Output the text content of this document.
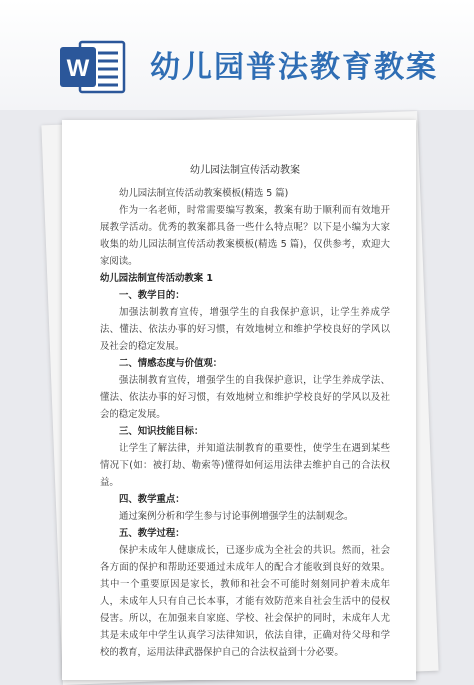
W 幼儿园普法教育教案

幼儿园法制宣传活动教案

幼儿园法制宣传活动教案模板(精选 5 篇)

作为一名老师，时常需要编写教案，教案有助于顺利而有效地开展教学活动。优秀的教案都具备一些什么特点呢？以下是小编为大家收集的幼儿园法制宣传活动教案模板(精选 5 篇)，仅供参考，欢迎大家阅读。

幼儿园法制宣传活动教案 1

一、教学目的：

加强法制教育宣传，增强学生的自我保护意识，让学生养成学法、懂法、依法办事的好习惯，有效地树立和维护学校良好的学风以及社会的稳定发展。

二、情感态度与价值观：

强法制教育宣传，增强学生的自我保护意识，让学生养成学法、懂法、依法办事的好习惯，有效地树立和维护学校良好的学风以及社会的稳定发展。

三、知识技能目标：

让学生了解法律，并知道法制教育的重要性，使学生在遇到某些情况下(如：被打劫、勒索等)懂得如何运用法律去维护自己的合法权益。

四、教学重点：

通过案例分析和学生参与讨论事例增强学生的法制观念。

五、教学过程：

保护未成年人健康成长，已逐步成为全社会的共识。然而，社会各方面的保护和帮助还要通过未成年人的配合才能收到良好的效果。其中一个重要原因是家长，教师和社会不可能时刻刻同护着未成年人，未成年人只有自己长本事，才能有效防范来自社会生活中的侵权侵害。所以，在加强来自家庭、学校、社会保护的同时，未成年人尤其是未成年中学生认真学习法律知识，依法自律，正确对待父母和学校的教育，运用法律武器保护自己的合法权益到十分必要。
